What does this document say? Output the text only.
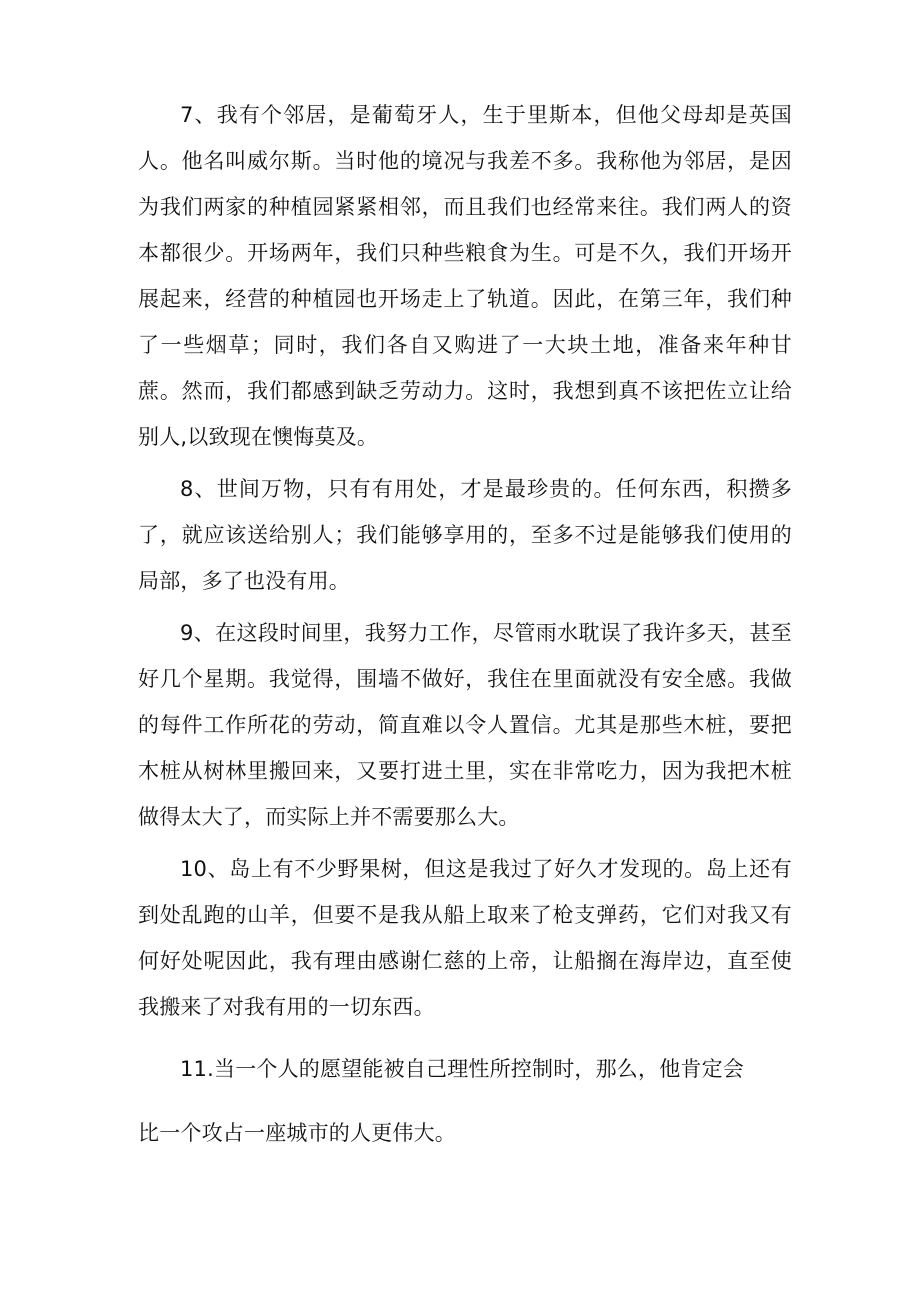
7、我有个邻居，是葡萄牙人，生于里斯本，但他父母却是英国人。他名叫威尔斯。当时他的境况与我差不多。我称他为邻居，是因为我们两家的种植园紧紧相邻，而且我们也经常来往。我们两人的资本都很少。开场两年，我们只种些粮食为生。可是不久，我们开场开展起来，经营的种植园也开场走上了轨道。因此，在第三年，我们种了一些烟草；同时，我们各自又购进了一大块土地，准备来年种甘蔗。然而，我们都感到缺乏劳动力。这时，我想到真不该把佐立让给别人,以致现在懊悔莫及。

8、世间万物，只有有用处，才是最珍贵的。任何东西，积攒多了，就应该送给别人；我们能够享用的，至多不过是能够我们使用的局部，多了也没有用。

9、在这段时间里，我努力工作，尽管雨水耽误了我许多天，甚至好几个星期。我觉得，围墙不做好，我住在里面就没有安全感。我做的每件工作所花的劳动，简直难以令人置信。尤其是那些木桩，要把木桩从树林里搬回来，又要打进土里，实在非常吃力，因为我把木桩做得太大了，而实际上并不需要那么大。

10、岛上有不少野果树，但这是我过了好久才发现的。岛上还有到处乱跑的山羊，但要不是我从船上取来了枪支弹药，它们对我又有何好处呢因此，我有理由感谢仁慈的上帝，让船搁在海岸边，直至使我搬来了对我有用的一切东西。

11.当一个人的愿望能被自己理性所控制时，那么，他肯定会

比一个攻占一座城市的人更伟大。
